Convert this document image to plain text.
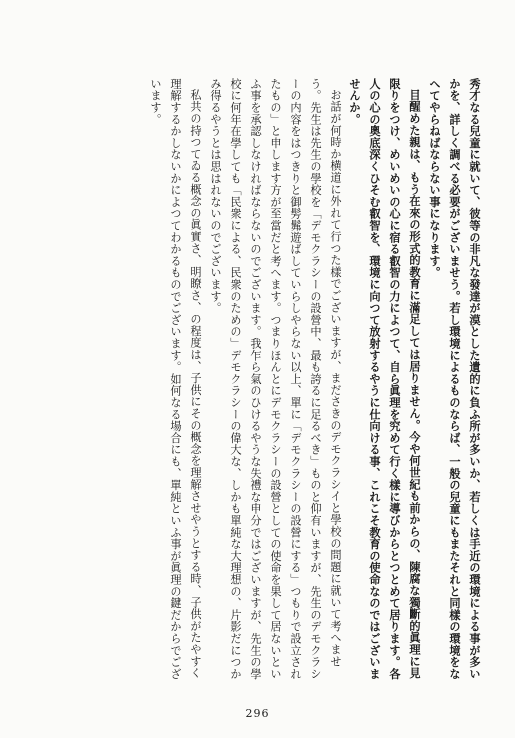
秀才なる兒童に就いて、彼等の非凡な發達が漠とした遺的に負ふ所が多いか、若しくは手近の環境による事が多いかを、詳しく調べる必要がございませう。若し環境によるものならば、一般の兒童にもまたそれと同樣の環境をなへてやらねばならない事になります。

目醒めた親は、もう在來の形式的教育に滿足しては居りません。今や何世紀も前からの、陳腐な獨斷的眞理に見限りをつけ、めいめいの心に宿る叡智の力によつて、自ら眞理を究めて行く樣に導びからとつとめて居ります。各人の心の奧底深くひそむ叡智を、環境に向つて放射するやうに仕向ける事、これこそ教育の使命なのではございませんか。

お話が何時か横道に外れて行つた樣でございますが、まださきのデモクラシイと學校の問題に就いて考へませう。先生は先生の學校を「デモクラシーの設營中、最も誇るに足るべき」ものと仰有いますが、先生のデモクラシーの内容をはつきりと御髣髴遊ばしていらしやらない以上、單に「デモクラシーの設營にする」つもりで設立されたもの」と申します方が至當だと考へます。つまりほんとにデモクラシーの設營としての使命を果して居ないといふ事を承認しなければならないのでございます。我乍ら氣のひけるやうな失禮な申分ではございますが、先生の學校に何年在學しても「民衆による、民衆のための」デモクラシーの偉大な、しかも單純な大理想の、片影だにつかみ得るやうとは思はれないのでございます。

私共の持つてゐる概念の眞實さ、明瞭さ、の程度は、子供にその概念を理解させやうとする時、子供がたやすく理解するかしないかによつてわかるものでございます。如何なる場合にも、單純といふ事が眞理の鍵だからでございます。

296
